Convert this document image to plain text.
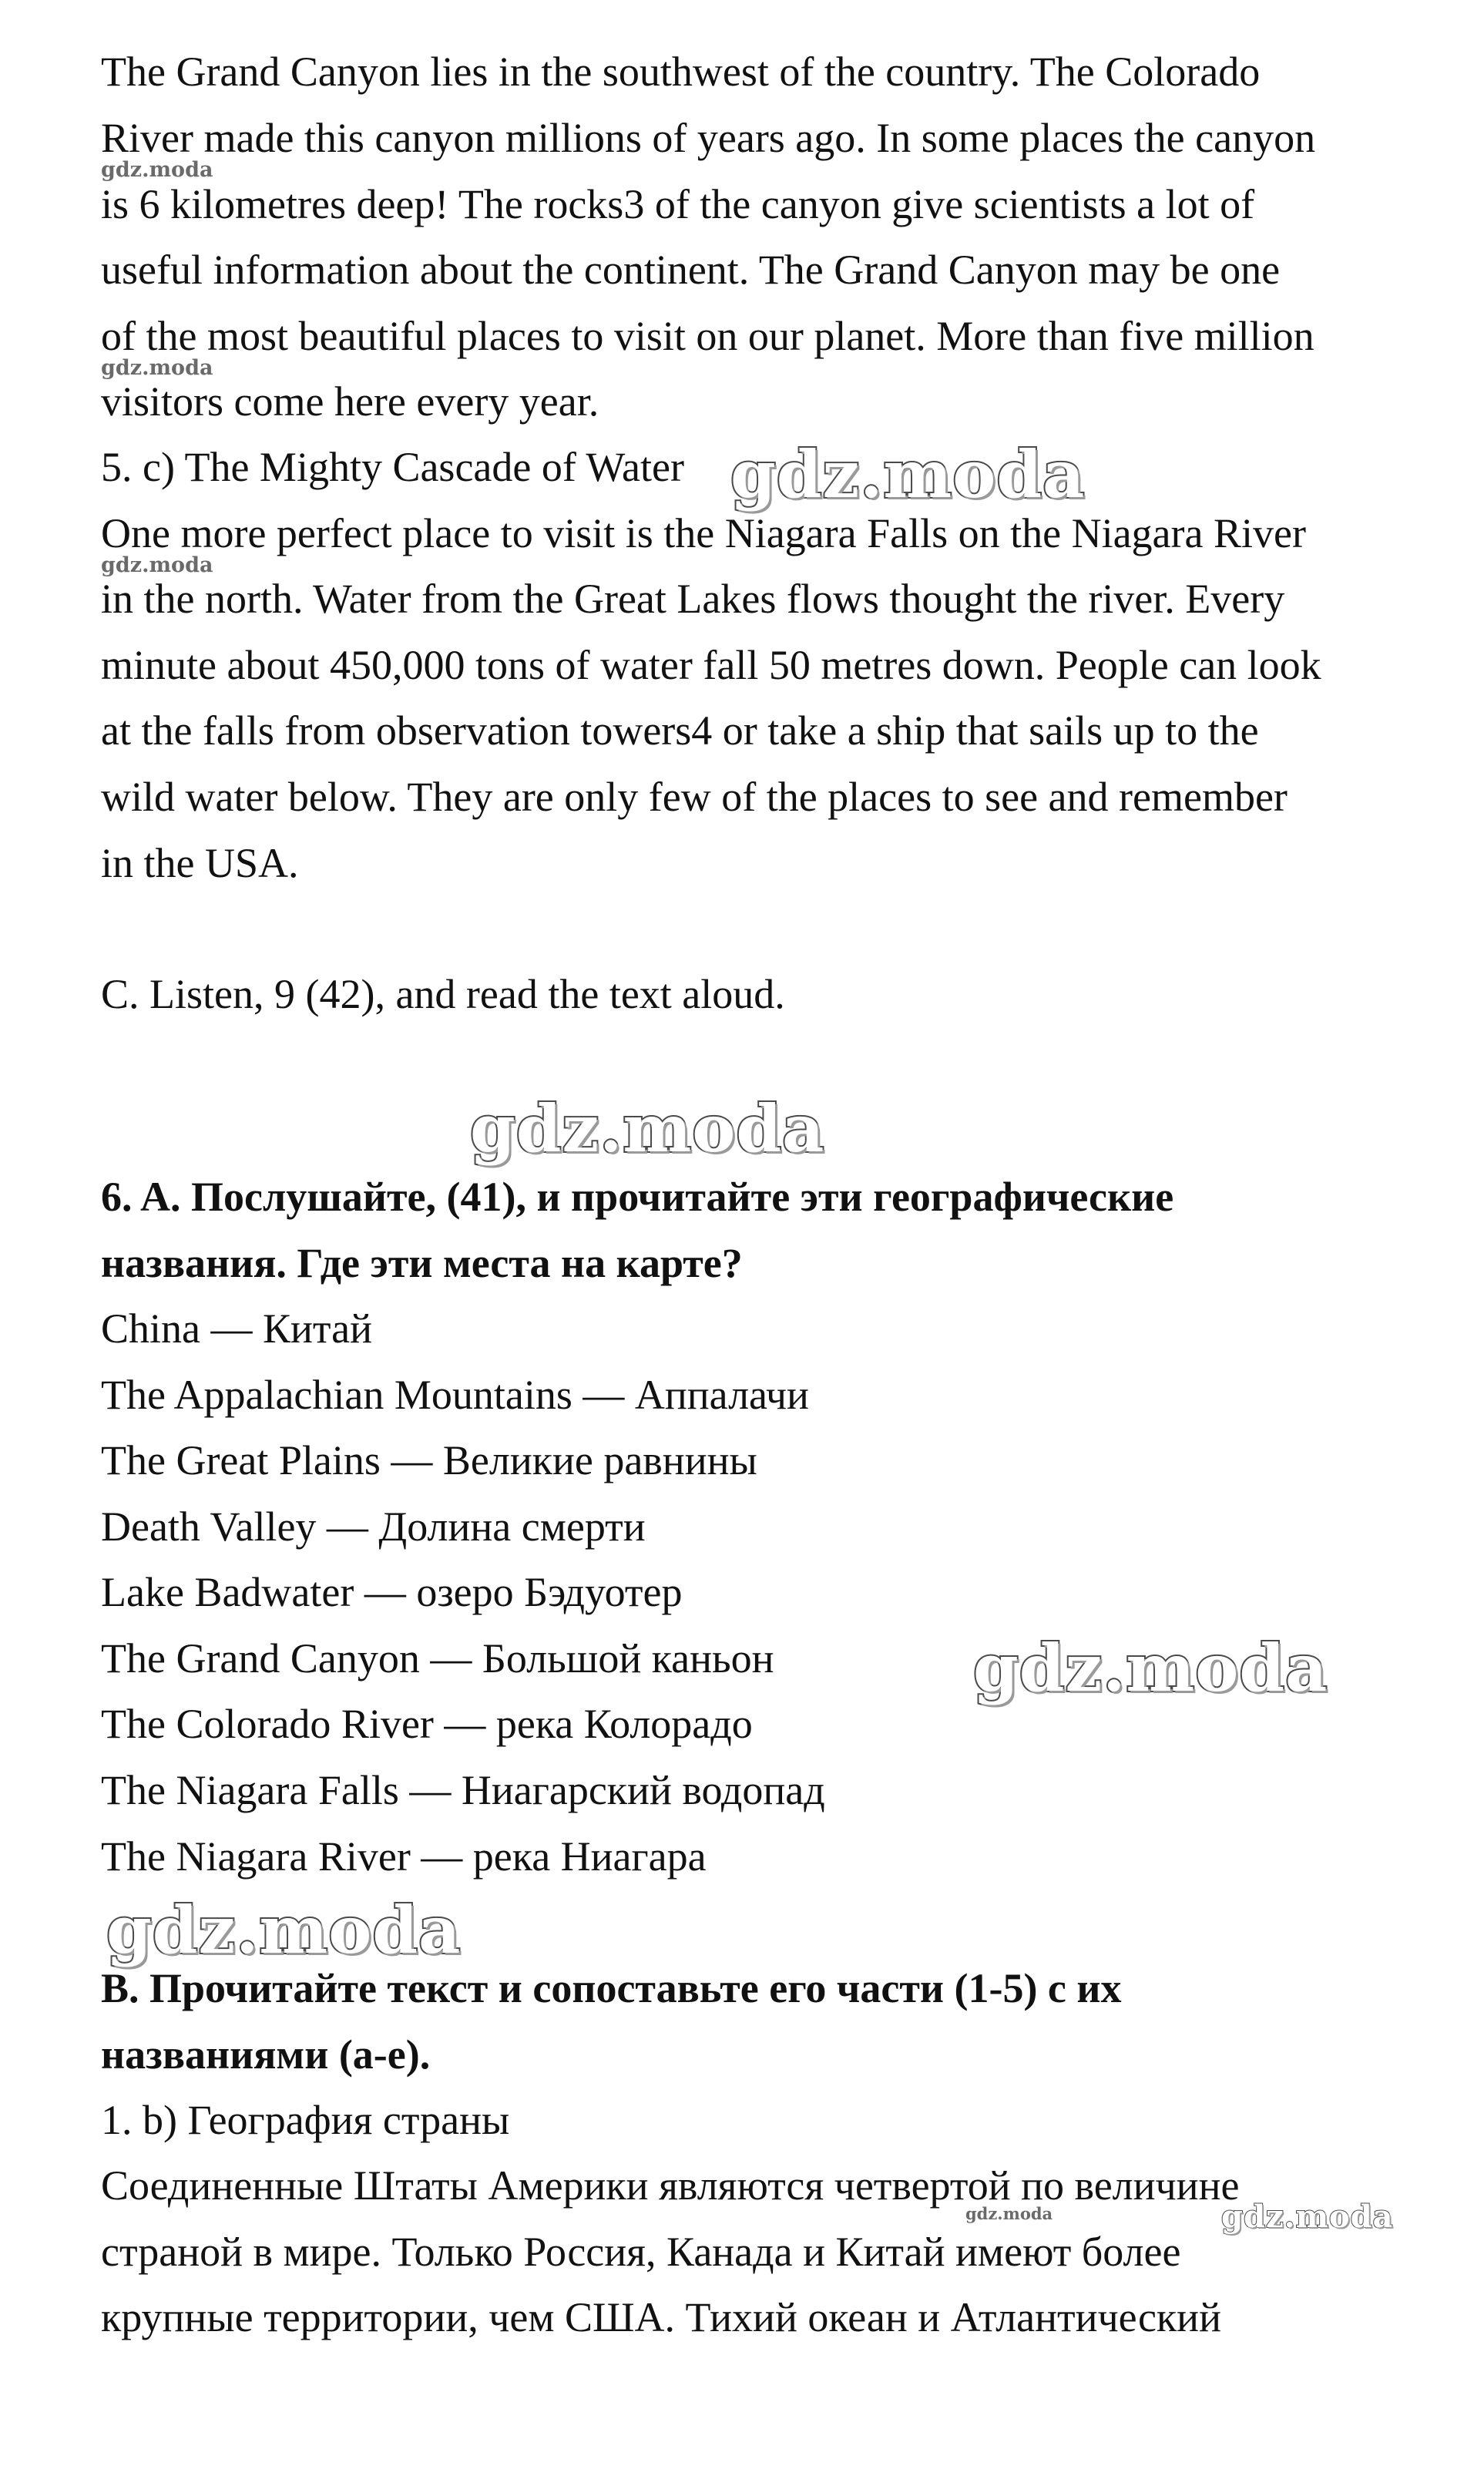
The Grand Canyon lies in the southwest of the country. The Colorado
River made this canyon millions of years ago. In some places the canyon
is 6 kilometres deep! The rocks3 of the canyon give scientists a lot of
useful information about the continent. The Grand Canyon may be one
of the most beautiful places to visit on our planet. More than five million
visitors come here every year.
5. c) The Mighty Cascade of Water
One more perfect place to visit is the Niagara Falls on the Niagara River
in the north. Water from the Great Lakes flows thought the river. Every
minute about 450,000 tons of water fall 50 metres down. People can look
at the falls from observation towers4 or take a ship that sails up to the
wild water below. They are only few of the places to see and remember
in the USA.
C. Listen, 9 (42), and read the text aloud.
6. A. Послушайте, (41), и прочитайте эти географические
названия. Где эти места на карте?
China — Китай
The Appalachian Mountains — Аппалачи
The Great Plains — Великие равнины
Death Valley — Долина смерти
Lake Badwater — озеро Бэдуотер
The Grand Canyon — Большой каньон
The Colorado River — река Колорадо
The Niagara Falls — Ниагарский водопад
The Niagara River — река Ниагара
B. Прочитайте текст и сопоставьте его части (1-5) с их
названиями (a-e).
1. b) География страны
Соединенные Штаты Америки являются четвертой по величине
страной в мире. Только Россия, Канада и Китай имеют более
крупные территории, чем США. Тихий океан и Атлантический
gdz.moda
gdz.moda
gdz.moda
gdz.moda
gdz.moda
gdz.moda
gdz.moda
gdz.moda	gdz.moda
